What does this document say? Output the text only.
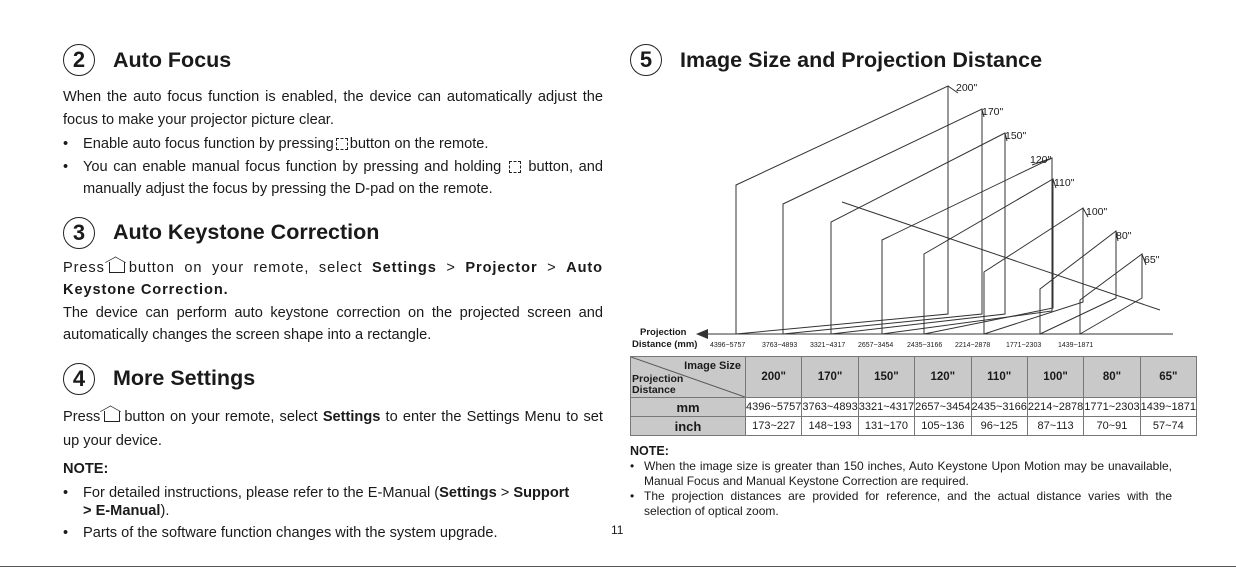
2	Auto Focus

When the auto focus function is enabled, the device can automatically adjust the focus to make your projector picture clear.

• Enable auto focus function by pressing button on the remote.
• You can enable manual focus function by pressing and holding button, and manually adjust the focus by pressing the D-pad on the remote.
3	Auto Keystone Correction

Press button on your remote, select Settings > Projector > Auto Keystone Correction.

The device can perform auto keystone correction on the projected screen and automatically changes the screen shape into a rectangle.

4	More Settings

Press button on your remote, select Settings to enter the Settings Menu to set up your device.

NOTE:
• For detailed instructions, please refer to the E-Manual (Settings > Support
> E-Manual).
• Parts of the software function changes with the system upgrade.
5	Image Size and Projection Distance
Projection
Distance (mm) 4396~5757 3763~4893 3321~4317 2657~3454 2435~3166 2214~2878 1771~2303 1439~1871
200"
170"
150"
120"
110"
100"
80"
65"
Image Size
Projection
Distance	200"	170"	150"	120"	110"	100"	80"	65"
mm	4396~5757	3763~4893	3321~4317	2657~3454	2435~3166	2214~2878	1771~2303	1439~1871
inch	173~227	148~193	131~170	105~136	96~125	87~113	70~91	57~74
NOTE:
• When the image size is greater than 150 inches, Auto Keystone Upon Motion may be unavailable, Manual Focus and Manual Keystone Correction are required.
• The projection distances are provided for reference, and the actual distance varies with the selection of optical zoom.
11
